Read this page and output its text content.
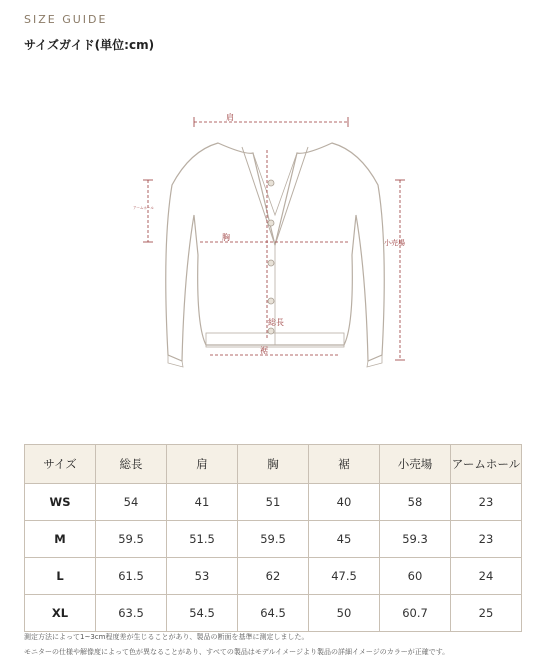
SIZE GUIDE
サイズガイド(単位:cm)
肩
胸
総長
裾
小売場
アームホール
サイズ	総長	肩	胸	裾	小売場	アームホール
WS	54	41	51	40	58	23
M	59.5	51.5	59.5	45	59.3	23
L	61.5	53	62	47.5	60	24
XL	63.5	54.5	64.5	50	60.7	25
測定方法によって1~3cm程度差が生じることがあり、製品の断面を基準に測定しました。
モニターの仕様や解像度によって色が異なることがあり、すべての製品はモデルイメージより製品の詳細イメージのカラーが正確です。
